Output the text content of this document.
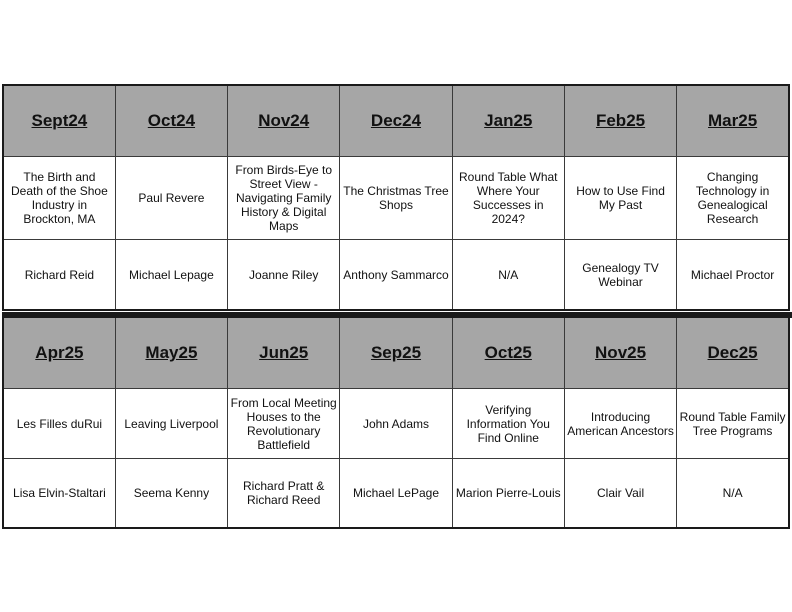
Sept24	Oct24	Nov24	Dec24	Jan25	Feb25	Mar25
The Birth and Death of the Shoe Industry in Brockton, MA	Paul Revere	From Birds-Eye to Street View - Navigating Family History & Digital Maps	The Christmas Tree Shops	Round Table What Where Your Successes in 2024?	How to Use Find My Past	Changing Technology in Genealogical Research
Richard Reid	Michael Lepage	Joanne Riley	Anthony Sammarco	N/A	Genealogy TV Webinar	Michael Proctor
Apr25	May25	Jun25	Sep25	Oct25	Nov25	Dec25
Les Filles duRui	Leaving Liverpool	From Local Meeting Houses to the Revolutionary Battlefield	John Adams	Verifying Information You Find Online	Introducing American Ancestors	Round Table Family Tree Programs
Lisa Elvin-Staltari	Seema Kenny	Richard Pratt & Richard Reed	Michael LePage	Marion Pierre-Louis	Clair Vail	N/A
